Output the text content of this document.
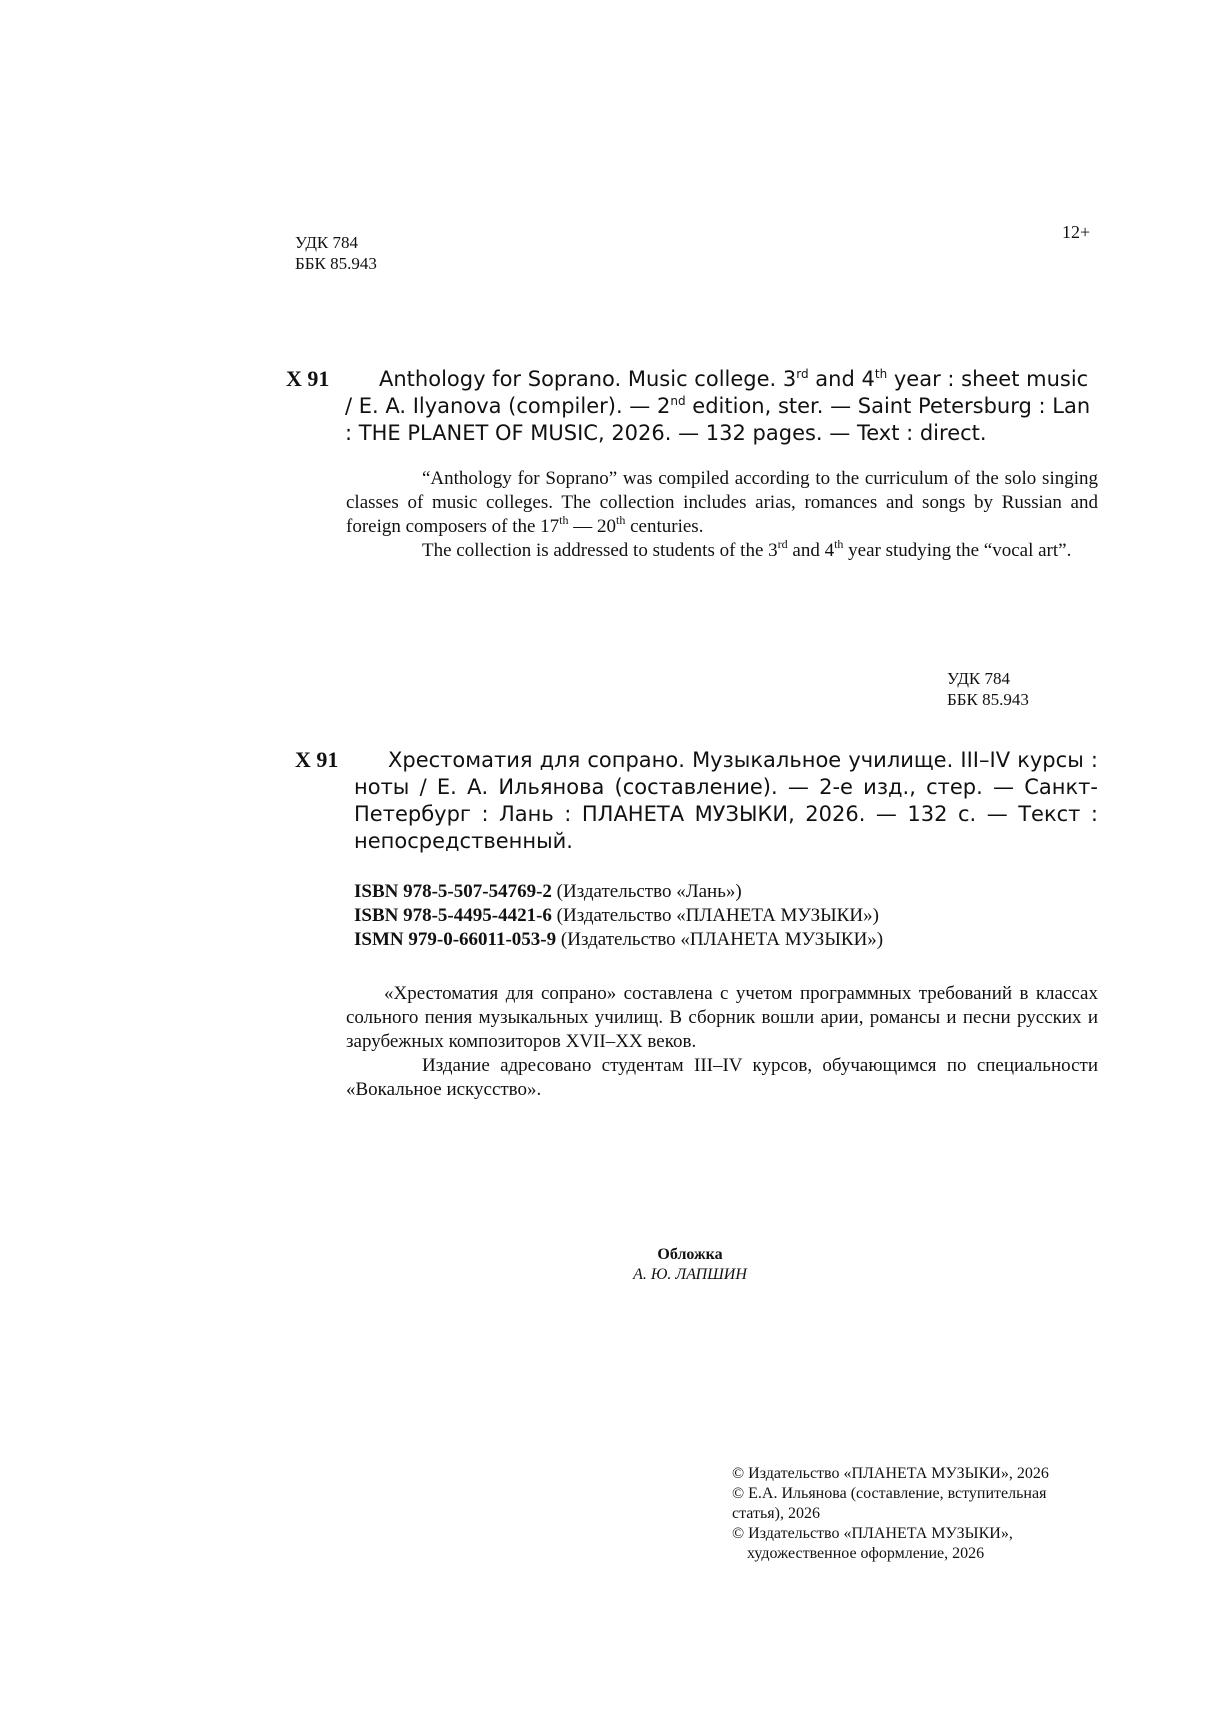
12+
УДК 784
ББК 85.943
Х 91	Anthology for Soprano. Music college. 3rd and 4th year : sheet music / E. A. Ilyanova (compiler). — 2nd edition, ster. — Saint Petersburg : Lan : THE PLANET OF MUSIC, 2026. — 132 pages. — Text : direct.
“Anthology for Soprano” was compiled according to the curriculum of the solo singing classes of music colleges. The collection includes arias, romances and songs by Russian and foreign composers of the 17th — 20th centuries.
The collection is addressed to students of the 3rd and 4th year studying the “vocal art”.
УДК 784
ББК 85.943
Х 91	Хрестоматия для сопрано. Музыкальное училище. III–IV курсы : ноты / Е. А. Ильянова (составление). — 2-е изд., стер. — Санкт-Петербург : Лань : ПЛАНЕТА МУЗЫКИ, 2026. — 132 с. — Текст : непосредственный.
ISBN 978-5-507-54769-2 (Издательство «Лань»)
ISBN 978-5-4495-4421-6 (Издательство «ПЛАНЕТА МУЗЫКИ»)
ISMN 979-0-66011-053-9 (Издательство «ПЛАНЕТА МУЗЫКИ»)
«Хрестоматия для сопрано» составлена с учетом программных требований в классах сольного пения музыкальных училищ. В сборник вошли арии, романсы и песни русских и зарубежных композиторов XVII–XX веков.
Издание адресовано студентам III–IV курсов, обучающимся по специальности «Вокальное искусство».
Обложка
А. Ю. ЛАПШИН

© Издательство «ПЛАНЕТА МУЗЫКИ», 2026

© Е.А. Ильянова (составление, вступительная статья), 2026

© Издательство «ПЛАНЕТА МУЗЫКИ»,

художественное оформление, 2026
